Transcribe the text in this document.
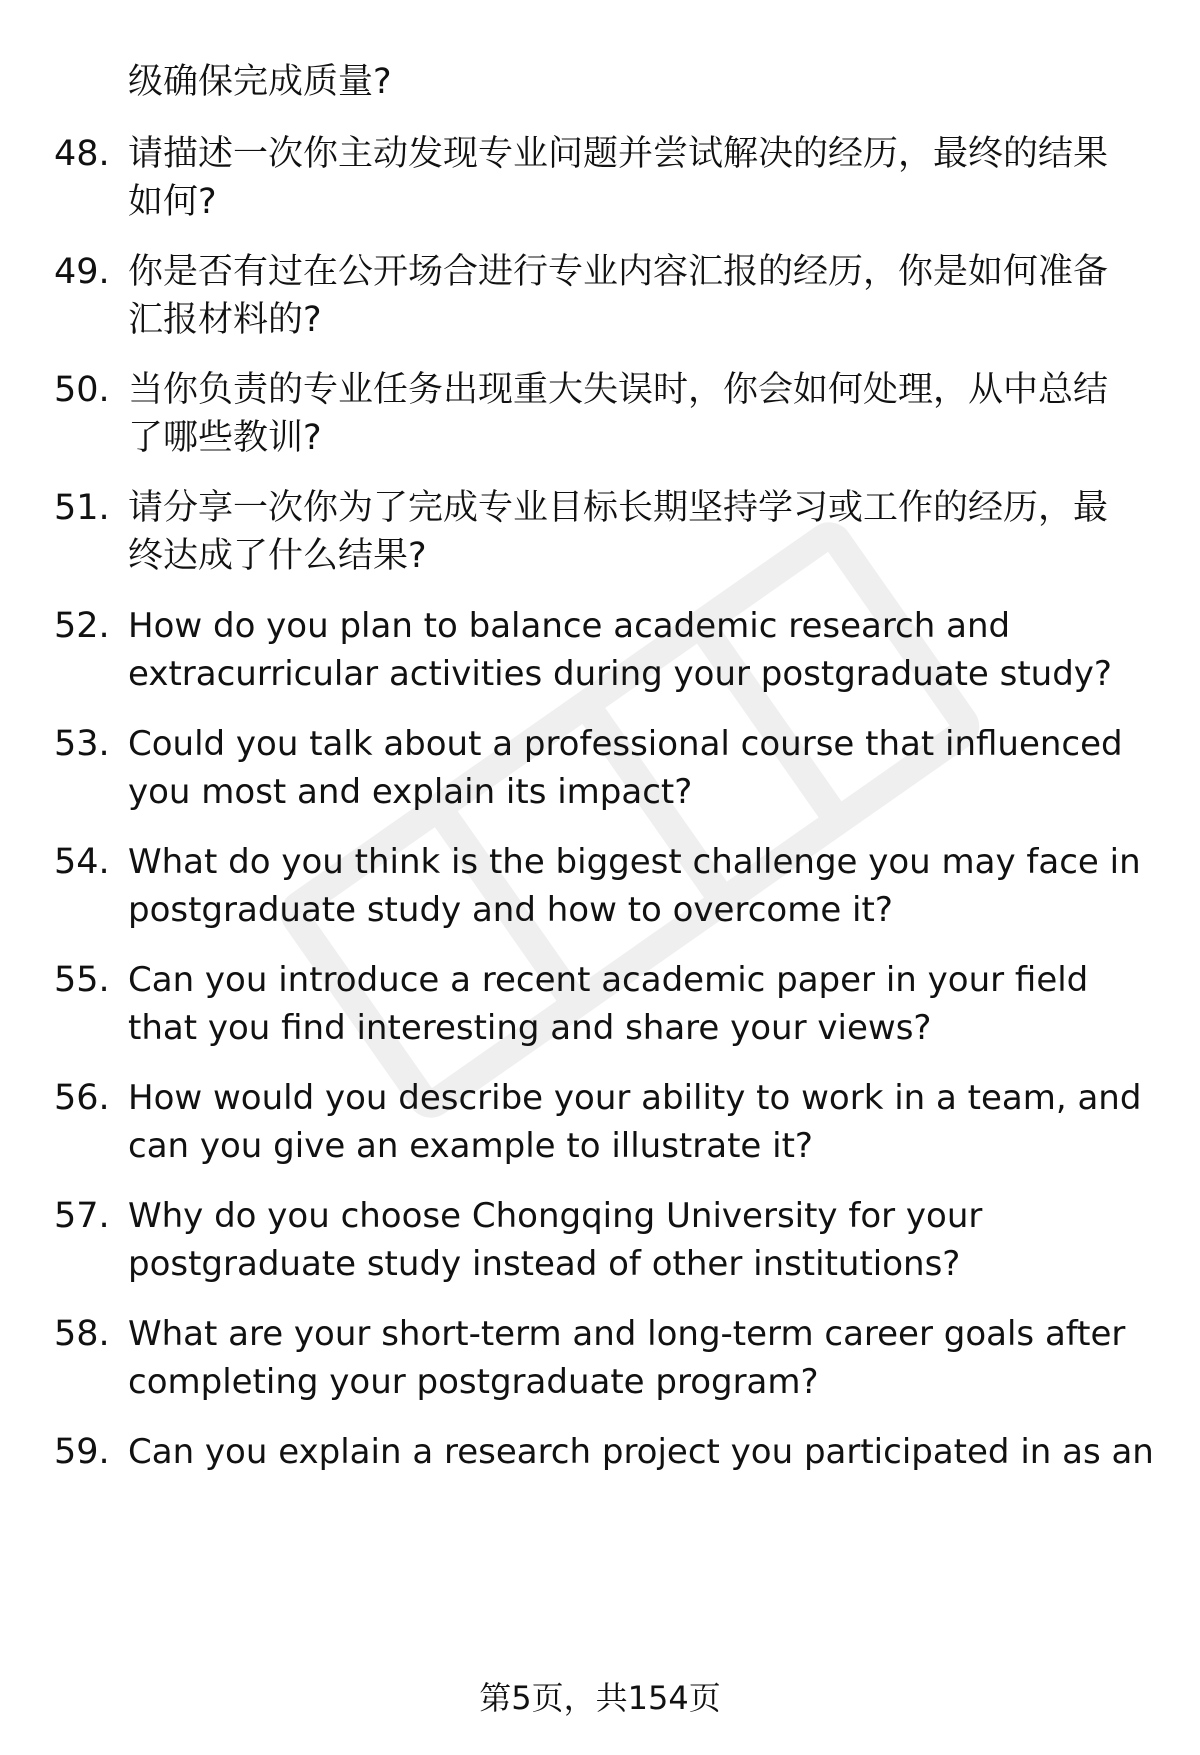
级确保完成质量?
48. 请描述一次你主动发现专业问题并尝试解决的经历，最终的结果
如何?
49. 你是否有过在公开场合进行专业内容汇报的经历，你是如何准备
汇报材料的?
50. 当你负责的专业任务出现重大失误时，你会如何处理，从中总结
了哪些教训?
51. 请分享一次你为了完成专业目标长期坚持学习或工作的经历，最
终达成了什么结果?
52. How do you plan to balance academic research and
extracurricular activities during your postgraduate study?
53. Could you talk about a professional course that influenced
you most and explain its impact?
54. What do you think is the biggest challenge you may face in
postgraduate study and how to overcome it?
55. Can you introduce a recent academic paper in your field
that you find interesting and share your views?
56. How would you describe your ability to work in a team, and
can you give an example to illustrate it?
57. Why do you choose Chongqing University for your
postgraduate study instead of other institutions?
58. What are your short-term and long-term career goals after
completing your postgraduate program?
59. Can you explain a research project you participated in as an
第5页，共154页
